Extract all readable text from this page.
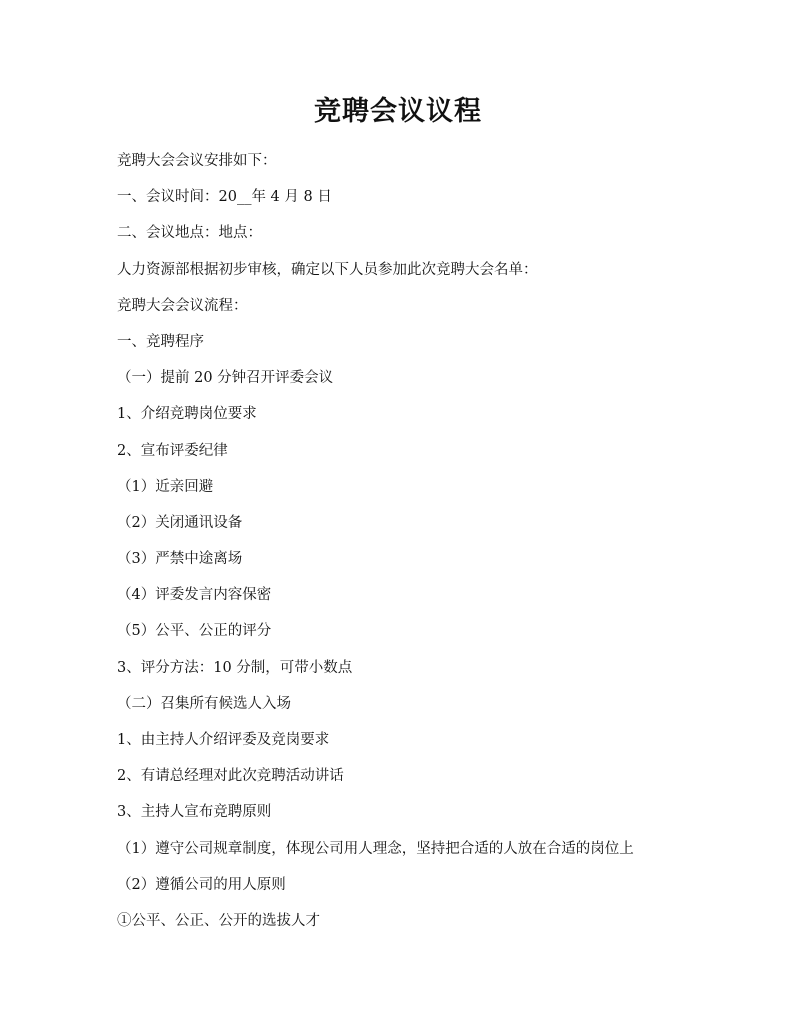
竞聘会议议程
竞聘大会会议安排如下：
一、会议时间：20__年 4 月 8 日
二、会议地点：地点：
人力资源部根据初步审核，确定以下人员参加此次竞聘大会名单：
竞聘大会会议流程：
一、竞聘程序
（一）提前 20 分钟召开评委会议
1、介绍竞聘岗位要求
2、宣布评委纪律
（1）近亲回避
（2）关闭通讯设备
（3）严禁中途离场
（4）评委发言内容保密
（5）公平、公正的评分
3、评分方法：10 分制，可带小数点
（二）召集所有候选人入场
1、由主持人介绍评委及竞岗要求
2、有请总经理对此次竞聘活动讲话
3、主持人宣布竞聘原则
（1）遵守公司规章制度，体现公司用人理念，坚持把合适的人放在合适的岗位上
（2）遵循公司的用人原则
①公平、公正、公开的选拔人才
